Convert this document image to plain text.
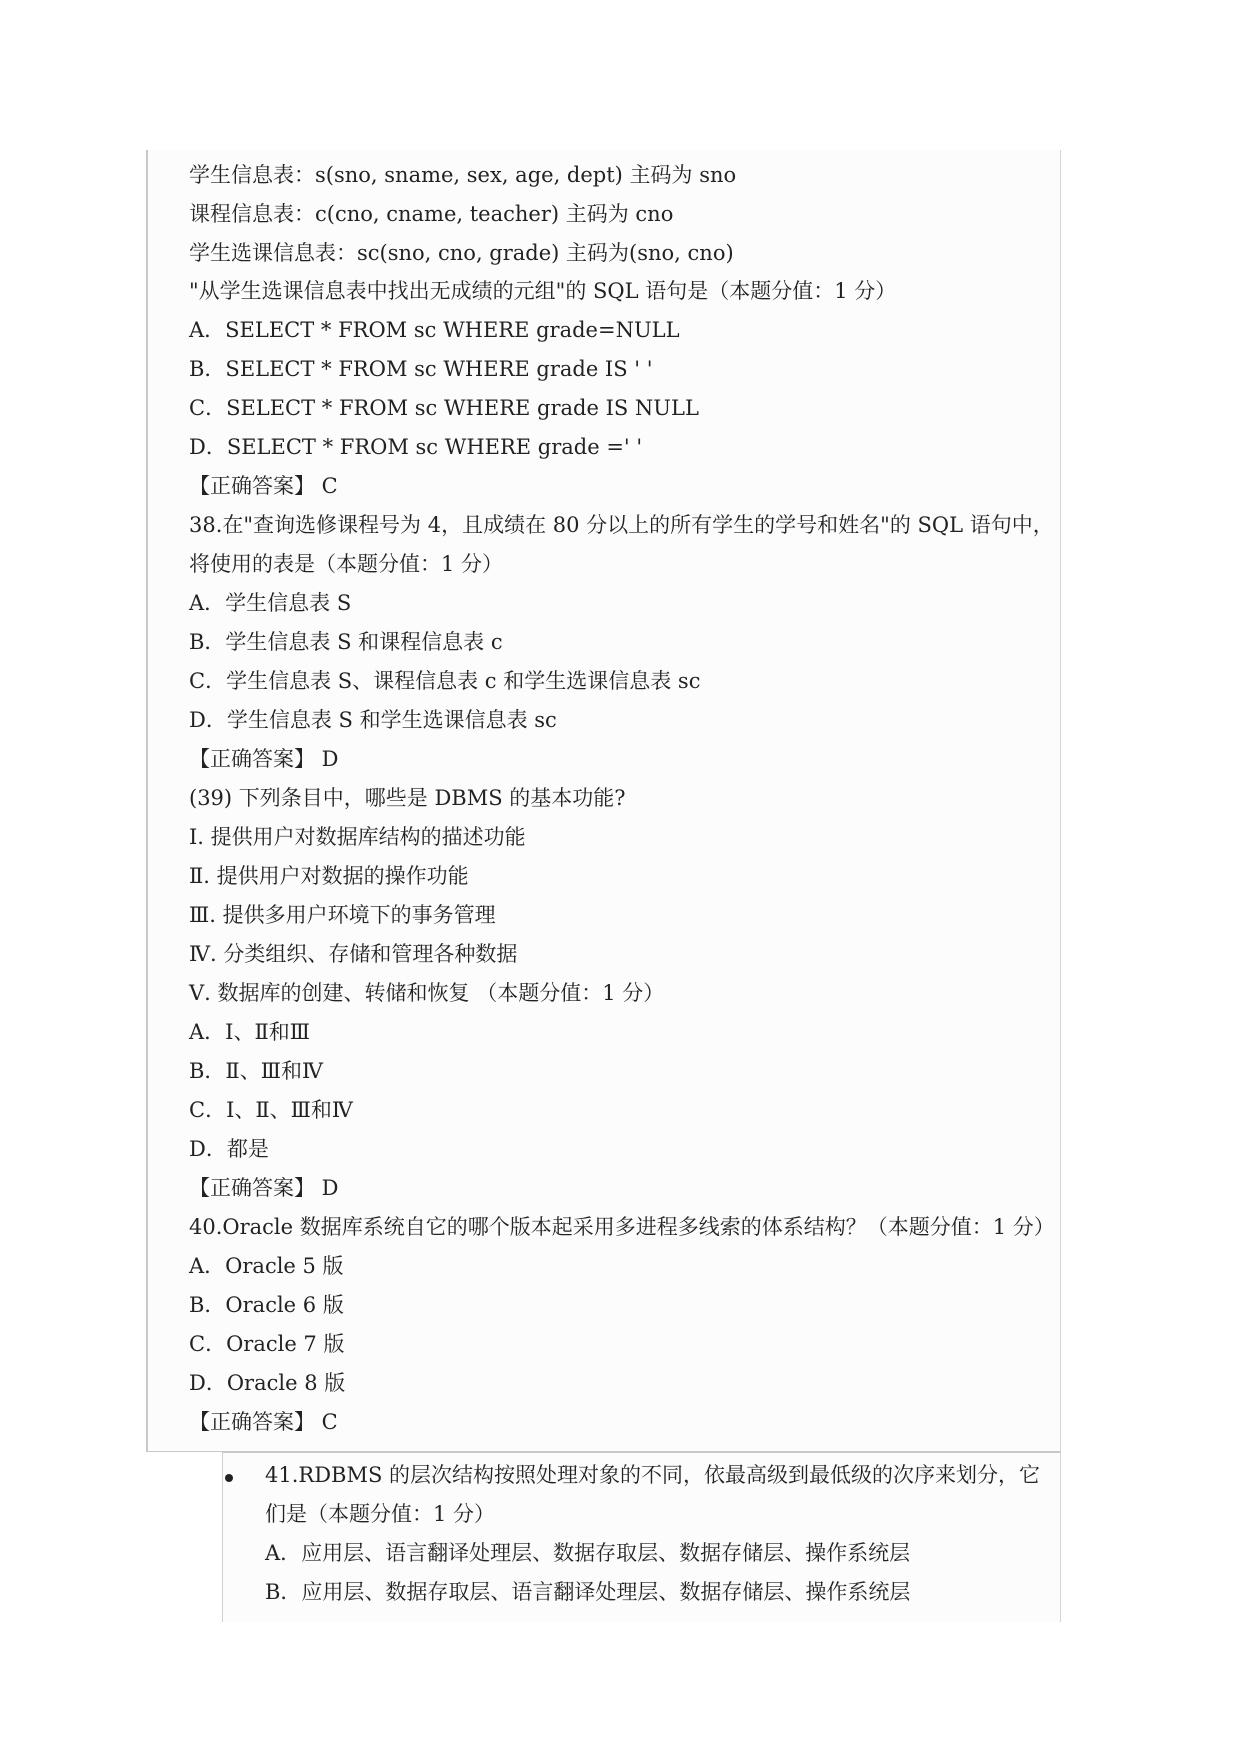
学生信息表：s(sno, sname, sex, age, dept) 主码为 sno
课程信息表：c(cno, cname, teacher) 主码为 cno
学生选课信息表：sc(sno, cno, grade) 主码为(sno, cno)
"从学生选课信息表中找出无成绩的元组"的 SQL 语句是（本题分值：1 分）
A．SELECT * FROM sc WHERE grade=NULL
B．SELECT * FROM sc WHERE grade IS ' '
C．SELECT * FROM sc WHERE grade IS NULL
D．SELECT * FROM sc WHERE grade =' '
【正确答案】 C
38.在"查询选修课程号为 4，且成绩在 80 分以上的所有学生的学号和姓名"的 SQL 语句中，
将使用的表是（本题分值：1 分）
A．学生信息表 S
B．学生信息表 S 和课程信息表 c
C．学生信息表 S、课程信息表 c 和学生选课信息表 sc
D．学生信息表 S 和学生选课信息表 sc
【正确答案】 D
(39) 下列条目中，哪些是 DBMS 的基本功能?
Ⅰ. 提供用户对数据库结构的描述功能
Ⅱ. 提供用户对数据的操作功能
Ⅲ. 提供多用户环境下的事务管理
Ⅳ. 分类组织、存储和管理各种数据
Ⅴ. 数据库的创建、转储和恢复 （本题分值：1 分）
A．Ⅰ、Ⅱ和Ⅲ
B．Ⅱ、Ⅲ和Ⅳ
C．Ⅰ、Ⅱ、Ⅲ和Ⅳ
D．都是
【正确答案】 D
40.Oracle 数据库系统自它的哪个版本起采用多进程多线索的体系结构？（本题分值：1 分）
A．Oracle 5 版
B．Oracle 6 版
C．Oracle 7 版
D．Oracle 8 版
【正确答案】 C
41.RDBMS 的层次结构按照处理对象的不同，依最高级到最低级的次序来划分，它
们是（本题分值：1 分）
A．应用层、语言翻译处理层、数据存取层、数据存储层、操作系统层
B．应用层、数据存取层、语言翻译处理层、数据存储层、操作系统层
